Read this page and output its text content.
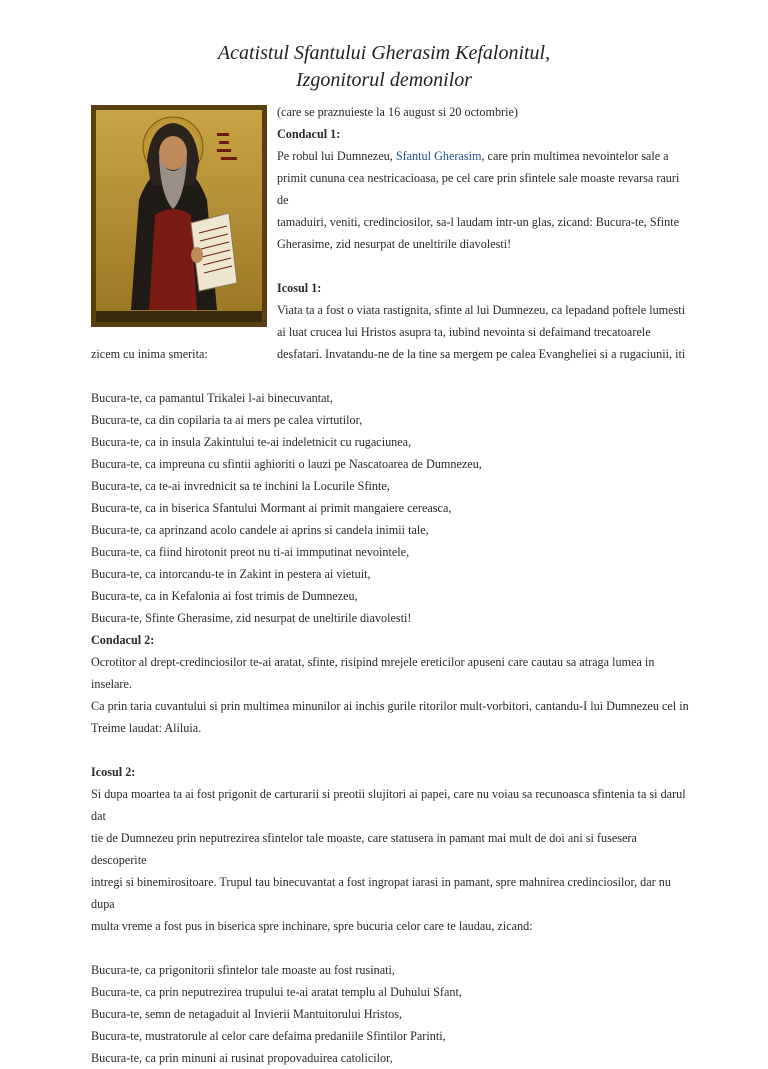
Acatistul Sfantului Gherasim Kefalonitul,
Izgonitorul demonilor

(care se praznuieste la 16 august si 20 octombrie)

Condacul 1:

Pe robul lui Dumnezeu, Sfantul Gherasim, care prin multimea nevointelor sale a

primit cununa cea nestricacioasa, pe cel care prin sfintele sale moaste revarsa rauri de

tamaduiri, veniti, credinciosilor, sa-l laudam intr-un glas, zicand: Bucura-te, Sfinte

Gherasime, zid nesurpat de uneltirile diavolesti!

Icosul 1:

Viata ta a fost o viata rastignita, sfinte al lui Dumnezeu, ca lepadand poftele lumesti

ai luat crucea lui Hristos asupra ta, iubind nevointa si defaimand trecatoarele

desfatari. Invatandu-ne de la tine sa mergem pe calea Evangheliei si a rugaciunii, iti

zicem cu inima smerita:

Bucura-te, ca pamantul Trikalei l-ai binecuvantat,

Bucura-te, ca din copilaria ta ai mers pe calea virtutilor,

Bucura-te, ca in insula Zakintului te-ai indeletnicit cu rugaciunea,

Bucura-te, ca impreuna cu sfintii aghioriti o lauzi pe Nascatoarea de Dumnezeu,

Bucura-te, ca te-ai invrednicit sa te inchini la Locurile Sfinte,

Bucura-te, ca in biserica Sfantului Mormant ai primit mangaiere cereasca,

Bucura-te, ca aprinzand acolo candele ai aprins si candela inimii tale,

Bucura-te, ca fiind hirotonit preot nu ti-ai immputinat nevointele,

Bucura-te, ca intorcandu-te in Zakint in pestera ai vietuit,

Bucura-te, ca in Kefalonia ai fost trimis de Dumnezeu,

Bucura-te, Sfinte Gherasime, zid nesurpat de uneltirile diavolesti!

Condacul 2:

Ocrotitor al drept-credinciosilor te-ai aratat, sfinte, risipind mrejele ereticilor apuseni care cautau sa atraga lumea in inselare.

Ca prin taria cuvantului si prin multimea minunilor ai inchis gurile ritorilor mult-vorbitori, cantandu-I lui Dumnezeu cel in

Treime laudat: Aliluia.

Icosul 2:

Si dupa moartea ta ai fost prigonit de carturarii si preotii slujitori ai papei, care nu voiau sa recunoasca sfintenia ta si darul dat

tie de Dumnezeu prin neputrezirea sfintelor tale moaste, care statusera in pamant mai mult de doi ani si fusesera descoperite

intregi si binemirositoare. Trupul tau binecuvantat a fost ingropat iarasi in pamant, spre mahnirea credinciosilor, dar nu dupa

multa vreme a fost pus in biserica spre inchinare, spre bucuria celor care te laudau, zicand:

Bucura-te, ca prigonitorii sfintelor tale moaste au fost rusinati,

Bucura-te, ca prin neputrezirea trupului te-ai aratat templu al Duhului Sfant,

Bucura-te, semn de netagaduit al Invierii Mantuitorului Hristos,

Bucura-te, mustratorule al celor care defaima predaniile Sfintilor Parinti,

Bucura-te, ca prin minuni ai rusinat propovaduirea catolicilor,
